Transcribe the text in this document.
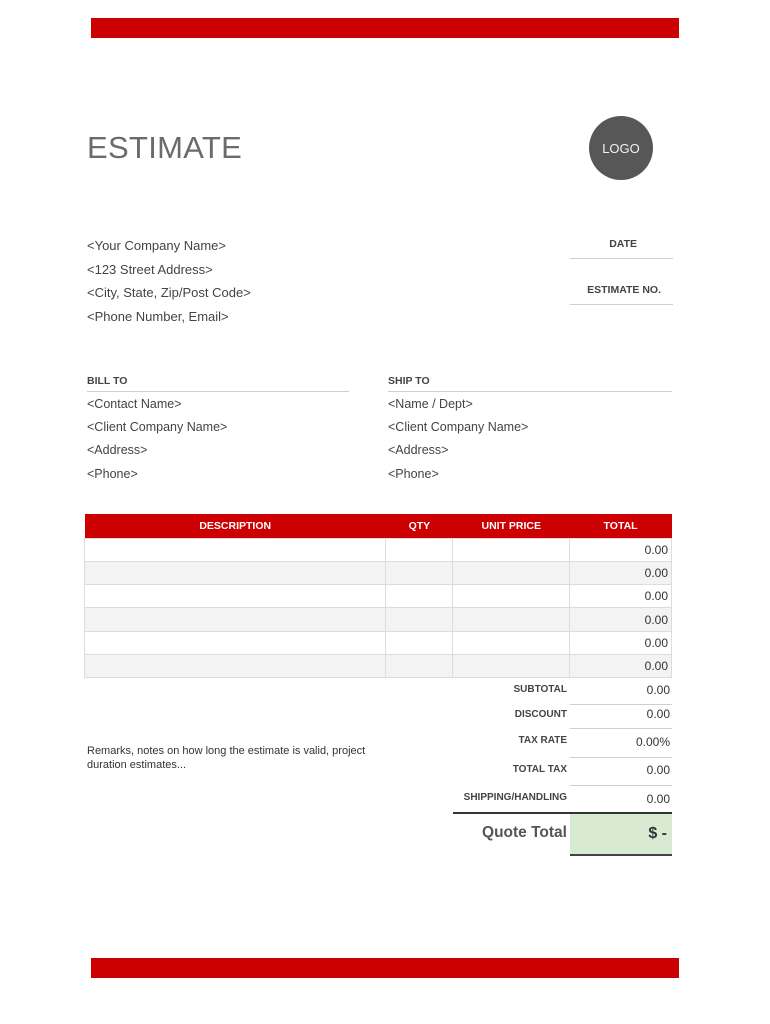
ESTIMATE	LOGO
<Your Company Name>
<123 Street Address>
<City, State, Zip/Post Code>
<Phone Number, Email>
DATE
ESTIMATE NO.
BILL TO
<Contact Name>
<Client Company Name>
<Address>
<Phone>
SHIP TO
<Name / Dept>
<Client Company Name>
<Address>
<Phone>
DESCRIPTION	QTY	UNIT PRICE	TOTAL
			0.00
			0.00
			0.00
			0.00
			0.00
			0.00
SUBTOTAL	0.00
DISCOUNT	0.00
TAX RATE	0.00%
TOTAL TAX	0.00
SHIPPING/HANDLING	0.00
Remarks, notes on how long the estimate is valid, project duration estimates...
Quote Total	$ -
